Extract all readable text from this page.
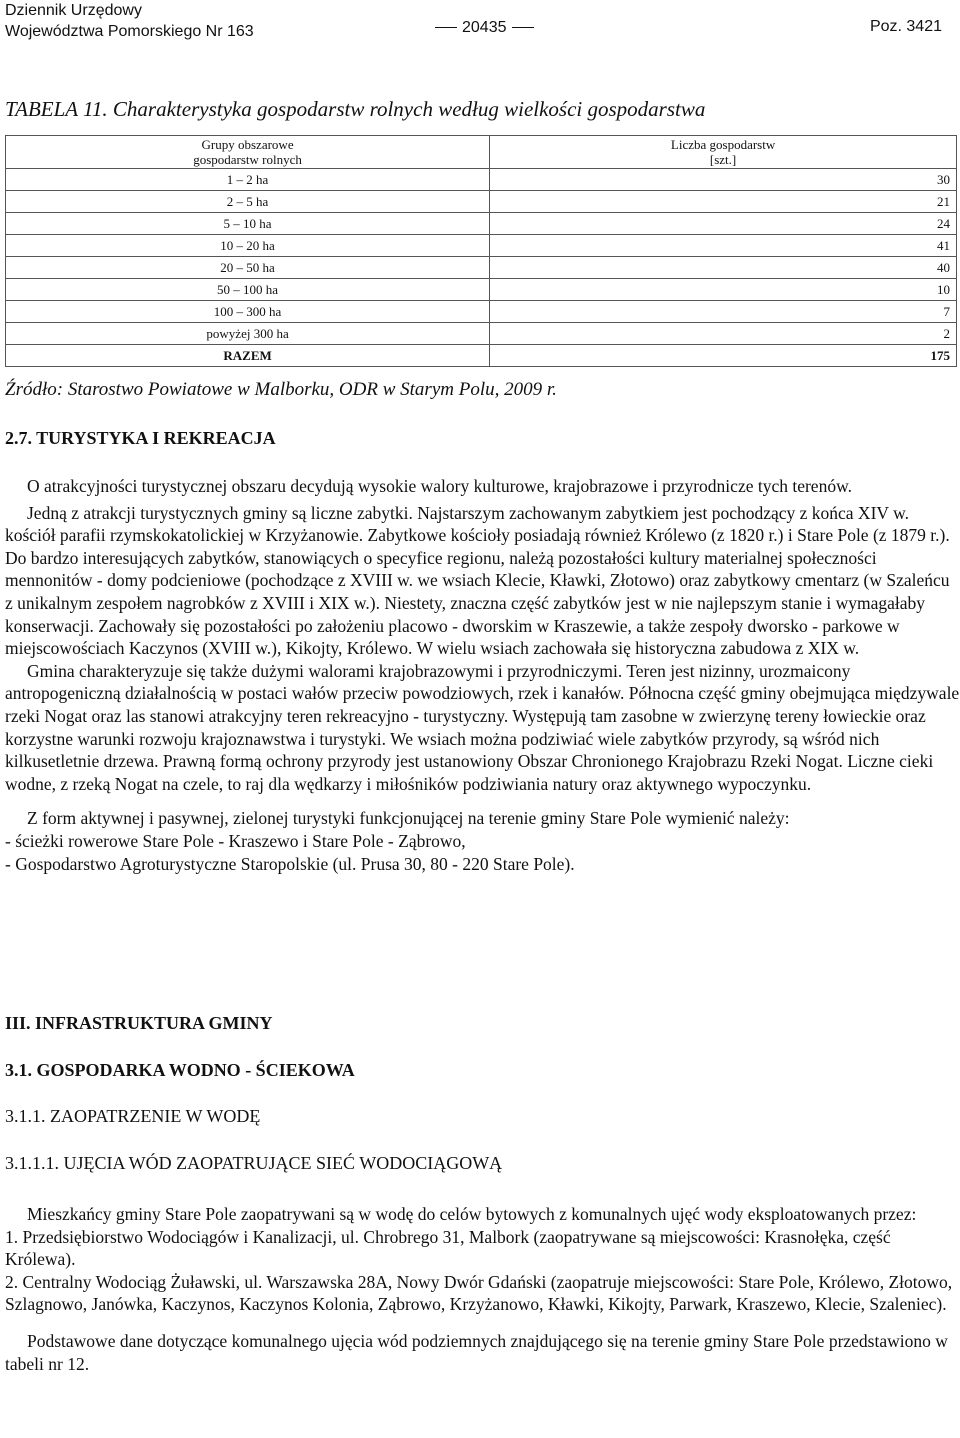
Dziennik Urzędowy
Województwa Pomorskiego Nr 163	20435	Poz. 3421
TABELA 11. Charakterystyka gospodarstw rolnych według wielkości gospodarstwa
Grupy obszarowe
gospodarstw rolnych	Liczba gospodarstw
[szt.]
1 – 2 ha	30
2 – 5 ha	21
5 – 10 ha	24
10 – 20 ha	41
20 – 50 ha	40
50 – 100 ha	10
100 – 300 ha	7
powyżej 300 ha	2
RAZEM	175
Źródło: Starostwo Powiatowe w Malborku, ODR w Starym Polu, 2009 r.
2.7. TURYSTYKA I REKREACJA

O atrakcyjności turystycznej obszaru decydują wysokie walory kulturowe, krajobrazowe i przyrodnicze tych terenów.

Jedną z atrakcji turystycznych gminy są liczne zabytki. Najstarszym zachowanym zabytkiem jest pochodzący z końca XIV w. kościół parafii rzymskokatolickiej w Krzyżanowie. Zabytkowe kościoły posiadają również Królewo (z 1820 r.) i Stare Pole (z 1879 r.). Do bardzo interesujących zabytków, stanowiących o specyfice regionu, należą pozostałości kultury materialnej społeczności mennonitów - domy podcieniowe (pochodzące z XVIII w. we wsiach Klecie, Kławki, Złotowo) oraz zabytkowy cmentarz (w Szaleńcu z unikalnym zespołem nagrobków z XVIII i XIX w.). Niestety, znaczna część zabytków jest w nie najlepszym stanie i wymagałaby konserwacji. Zachowały się pozostałości po założeniu placowo - dworskim w Kraszewie, a także zespoły dworsko - parkowe w miejscowościach Kaczynos (XVIII w.), Kikojty, Królewo. W wielu wsiach zachowała się historyczna zabudowa z XIX w.

Gmina charakteryzuje się także dużymi walorami krajobrazowymi i przyrodniczymi. Teren jest nizinny, urozmaicony antropogeniczną działalnością w postaci wałów przeciw powodziowych, rzek i kanałów. Północna część gminy obejmująca międzywale rzeki Nogat oraz las stanowi atrakcyjny teren rekreacyjno - turystyczny. Występują tam zasobne w zwierzynę tereny łowieckie oraz korzystne warunki rozwoju krajoznawstwa i turystyki. We wsiach można podziwiać wiele zabytków przyrody, są wśród nich kilkusetletnie drzewa. Prawną formą ochrony przyrody jest ustanowiony Obszar Chronionego Krajobrazu Rzeki Nogat. Liczne cieki wodne, z rzeką Nogat na czele, to raj dla wędkarzy i miłośników podziwiania natury oraz aktywnego wypoczynku.

Z form aktywnej i pasywnej, zielonej turystyki funkcjonującej na terenie gminy Stare Pole wymienić należy:

- ścieżki rowerowe Stare Pole - Kraszewo i Stare Pole - Ząbrowo,

- Gospodarstwo Agroturystyczne Staropolskie (ul. Prusa 30, 80 - 220 Stare Pole).

III. INFRASTRUKTURA GMINY
3.1. GOSPODARKA WODNO - ŚCIEKOWA
3.1.1. ZAOPATRZENIE W WODĘ
3.1.1.1. UJĘCIA WÓD ZAOPATRUJĄCE SIEĆ WODOCIĄGOWĄ

Mieszkańcy gminy Stare Pole zaopatrywani są w wodę do celów bytowych z komunalnych ujęć wody eksploatowanych przez:

1. Przedsiębiorstwo Wodociągów i Kanalizacji, ul. Chrobrego 31, Malbork (zaopatrywane są miejscowości: Krasnołęka, część Królewa).

2. Centralny Wodociąg Żuławski, ul. Warszawska 28A, Nowy Dwór Gdański (zaopatruje miejscowości: Stare Pole, Królewo, Złotowo, Szlagnowo, Janówka, Kaczynos, Kaczynos Kolonia, Ząbrowo, Krzyżanowo, Kławki, Kikojty, Parwark, Kraszewo, Klecie, Szaleniec).

Podstawowe dane dotyczące komunalnego ujęcia wód podziemnych znajdującego się na terenie gminy Stare Pole przedstawiono w tabeli nr 12.
